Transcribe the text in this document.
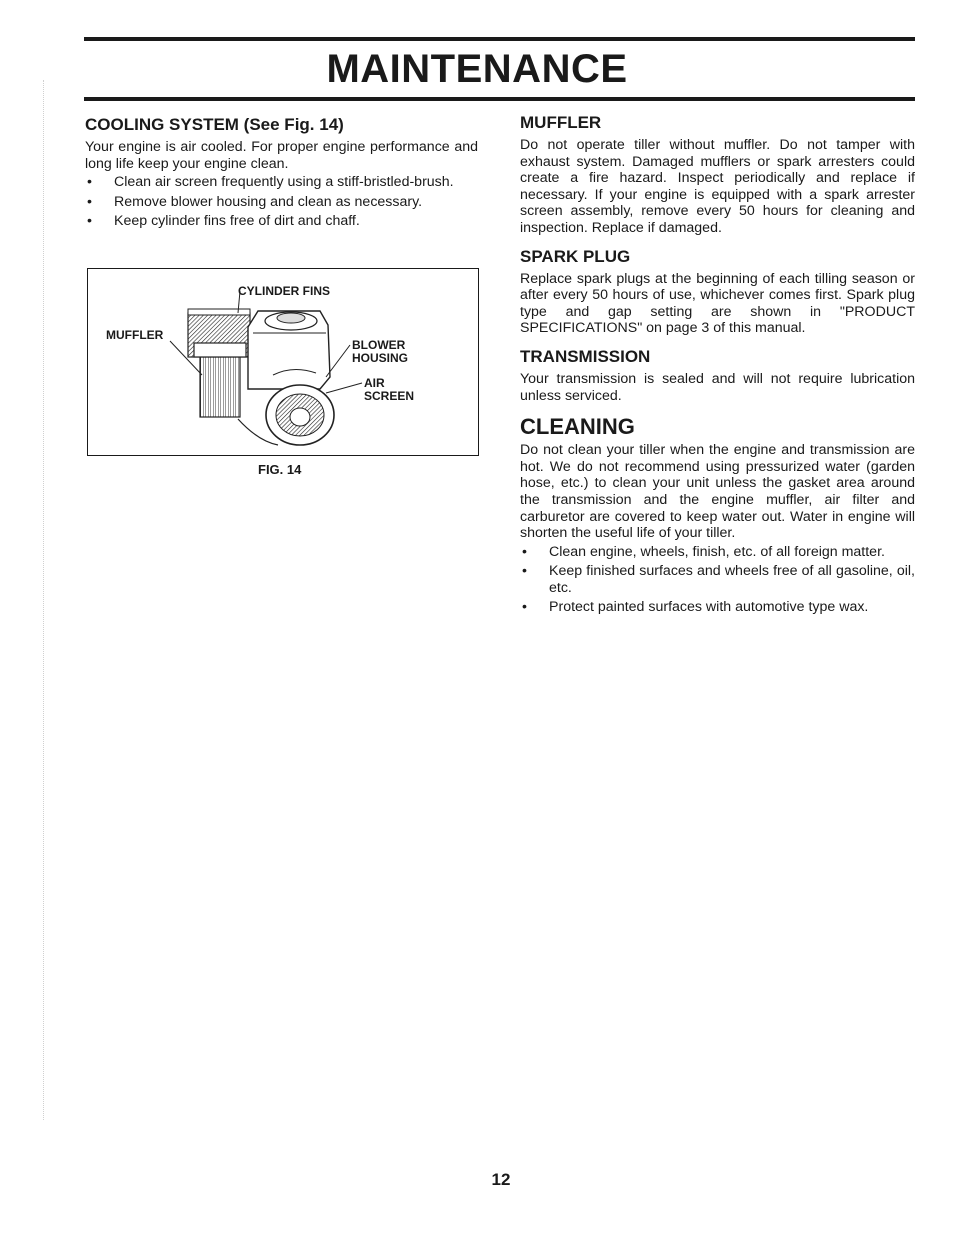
MAINTENANCE
COOLING SYSTEM (See Fig. 14)

Your engine is air cooled. For proper engine performance and long life keep your engine clean.

•	Clean air screen frequently using a stiff-bristled-brush.
•	Remove blower housing and clean as necessary.
•	Keep cylinder fins free of dirt and chaff.
CYLINDER FINS
MUFFLER
BLOWER
HOUSING
AIR
SCREEN
FIG. 14
MUFFLER

Do not operate tiller without muffler. Do not tamper with exhaust system. Damaged mufflers or spark arresters could create a fire hazard. Inspect periodically and replace if necessary. If your engine is equipped with a spark arrester screen assembly, remove every 50 hours for cleaning and inspection. Replace if damaged.

SPARK PLUG

Replace spark plugs at the beginning of each tilling season or after every 50 hours of use, whichever comes first. Spark plug type and gap setting are shown in "PRODUCT SPECIFICATIONS" on page 3 of this manual.

TRANSMISSION

Your transmission is sealed and will not require lubrication unless serviced.

CLEANING

Do not clean your tiller when the engine and transmission are hot. We do not recommend using pressurized water (garden hose, etc.) to clean your unit unless the gasket area around the transmission and the engine muffler, air filter and carburetor are covered to keep water out. Water in engine will shorten the useful life of your tiller.

•	Clean engine, wheels, finish, etc. of all foreign matter.
•	Keep finished surfaces and wheels free of all gasoline, oil, etc.
•	Protect painted surfaces with automotive type wax.
12
